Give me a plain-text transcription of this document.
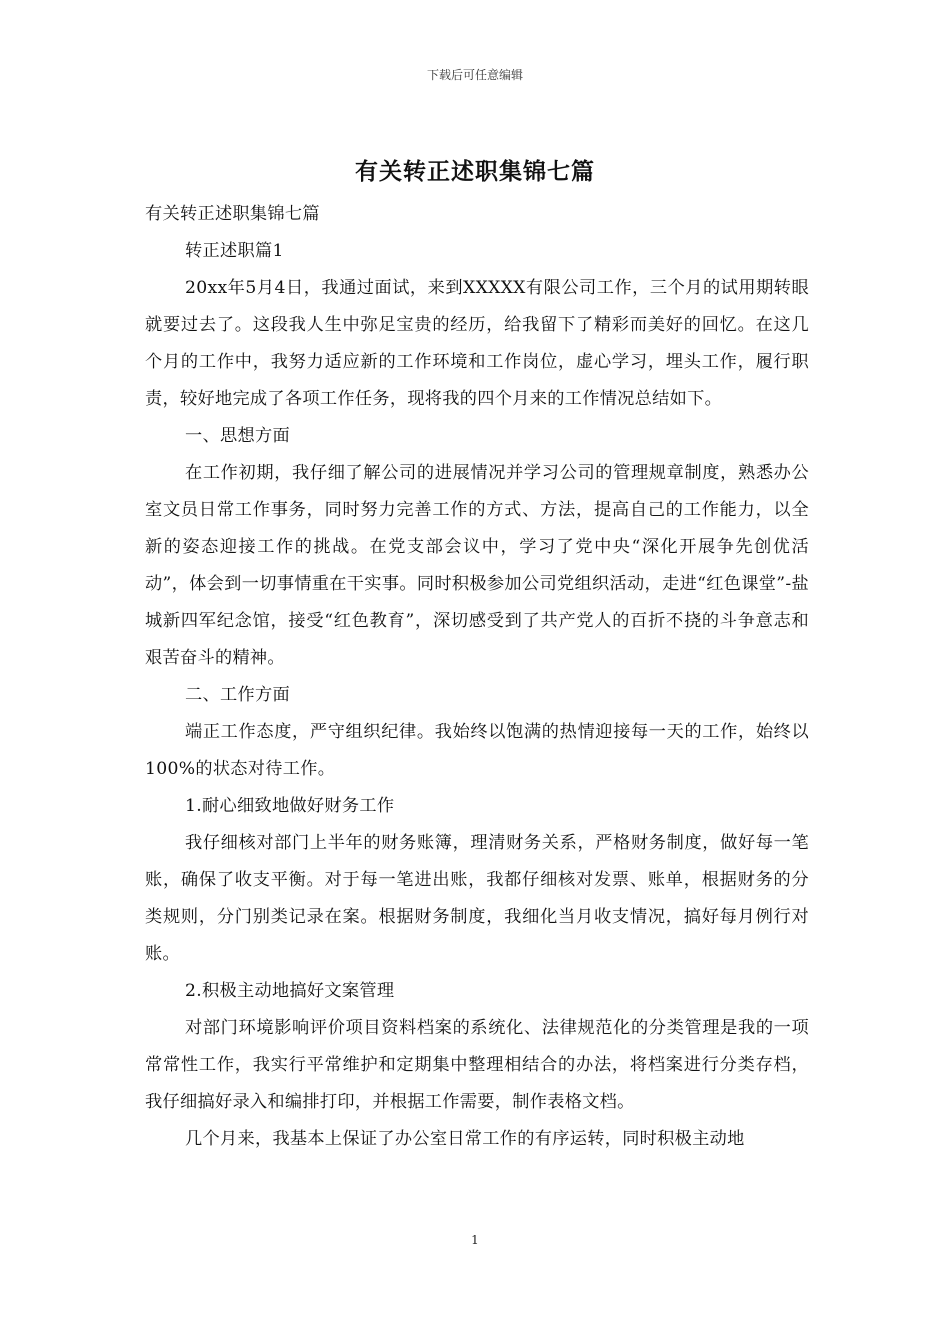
下载后可任意编辑
有关转正述职集锦七篇

有关转正述职集锦七篇

转正述职篇1

20xx年5月4日，我通过面试，来到XXXXX有限公司工作，三个月的试用期转眼就要过去了。这段我人生中弥足宝贵的经历，给我留下了精彩而美好的回忆。在这几个月的工作中，我努力适应新的工作环境和工作岗位，虚心学习，埋头工作，履行职责，较好地完成了各项工作任务，现将我的四个月来的工作情况总结如下。

一、思想方面

在工作初期，我仔细了解公司的进展情况并学习公司的管理规章制度，熟悉办公室文员日常工作事务，同时努力完善工作的方式、方法，提高自己的工作能力，以全新的姿态迎接工作的挑战。在党支部会议中，学习了党中央“深化开展争先创优活动”，体会到一切事情重在干实事。同时积极参加公司党组织活动，走进“红色课堂”-盐城新四军纪念馆，接受“红色教育”，深切感受到了共产党人的百折不挠的斗争意志和艰苦奋斗的精神。

二、工作方面

端正工作态度，严守组织纪律。我始终以饱满的热情迎接每一天的工作，始终以100%的状态对待工作。

1.耐心细致地做好财务工作

我仔细核对部门上半年的财务账簿，理清财务关系，严格财务制度，做好每一笔账，确保了收支平衡。对于每一笔进出账，我都仔细核对发票、账单，根据财务的分类规则，分门别类记录在案。根据财务制度，我细化当月收支情况，搞好每月例行对账。

2.积极主动地搞好文案管理

对部门环境影响评价项目资料档案的系统化、法律规范化的分类管理是我的一项常常性工作，我实行平常维护和定期集中整理相结合的办法，将档案进行分类存档，我仔细搞好录入和编排打印，并根据工作需要，制作表格文档。

几个月来，我基本上保证了办公室日常工作的有序运转，同时积极主动地

1
